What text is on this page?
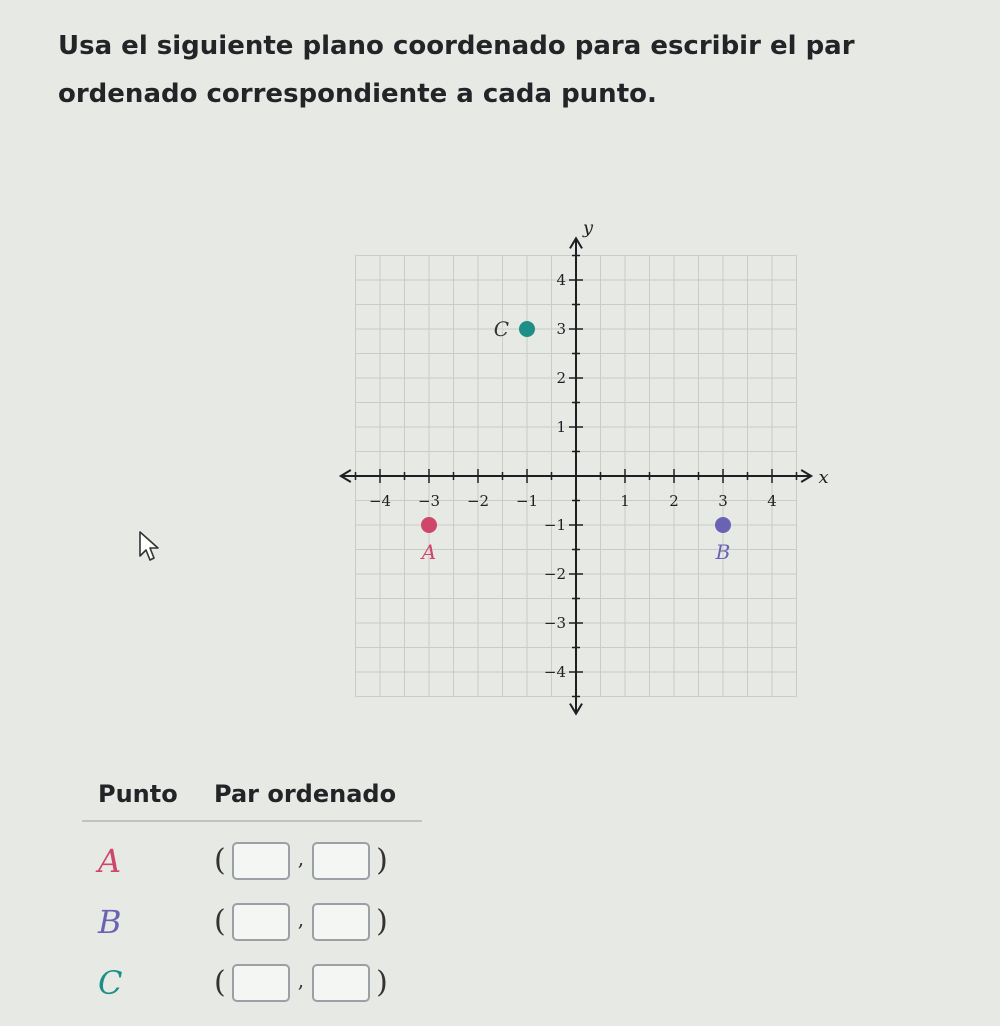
Usa el siguiente plano coordenado para escribir el par ordenado correspondiente a cada punto.

x
y
−4 −3 −2 −1	1	2	3	4
4
3
2
1
−1
−2
−3
−4
A	B
C
Punto	Par ordenado
A	(	, )
B	(	, )
C	(	, )
